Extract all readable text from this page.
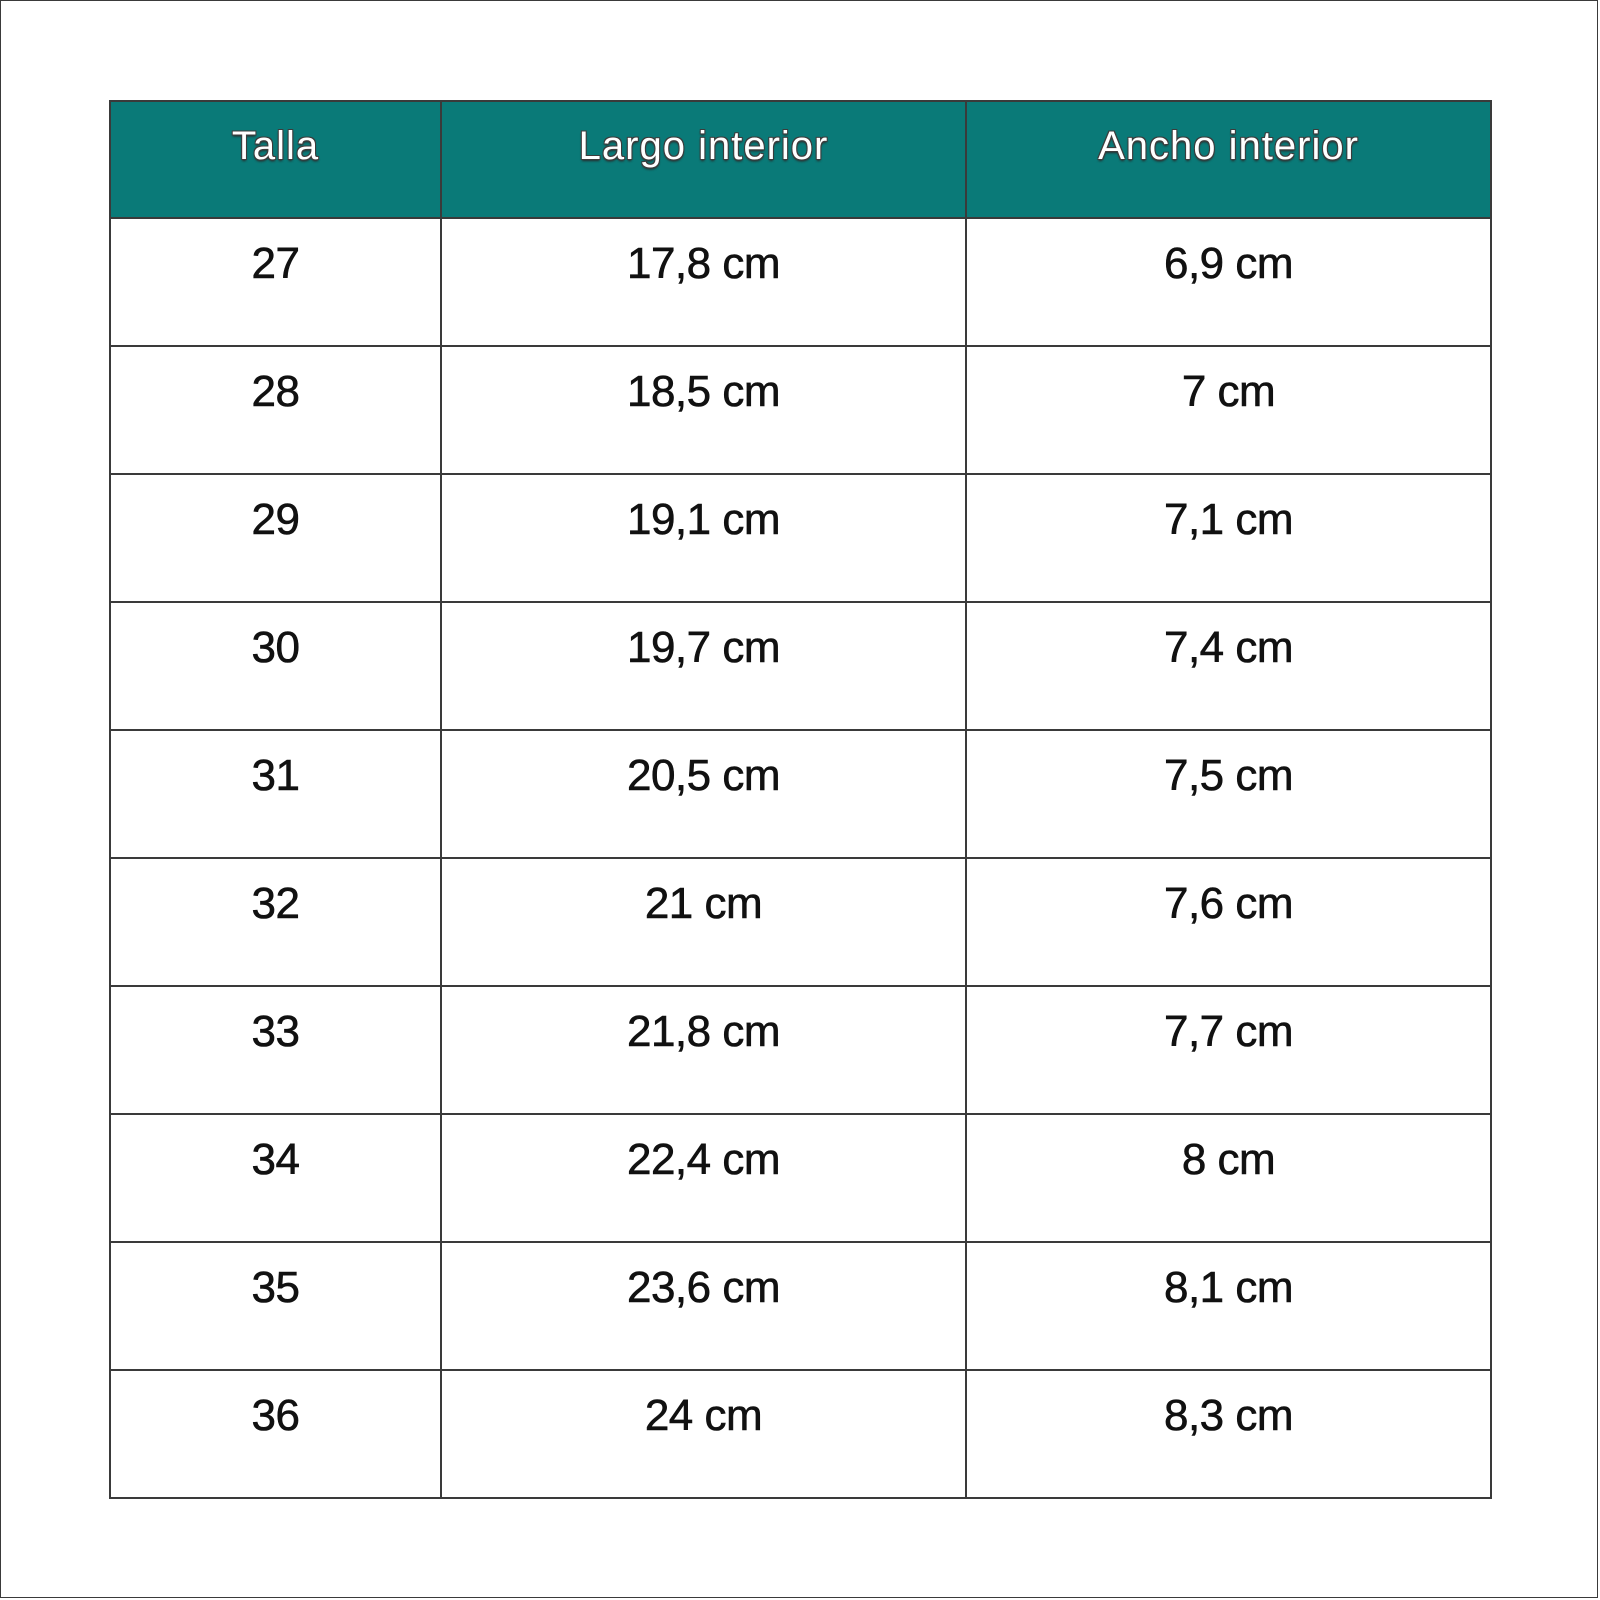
Talla	Largo interior	Ancho interior
27	17,8 cm	6,9 cm
28	18,5 cm	7 cm
29	19,1 cm	7,1 cm
30	19,7 cm	7,4 cm
31	20,5 cm	7,5 cm
32	21 cm	7,6 cm
33	21,8 cm	7,7 cm
34	22,4 cm	8 cm
35	23,6 cm	8,1 cm
36	24 cm	8,3 cm
